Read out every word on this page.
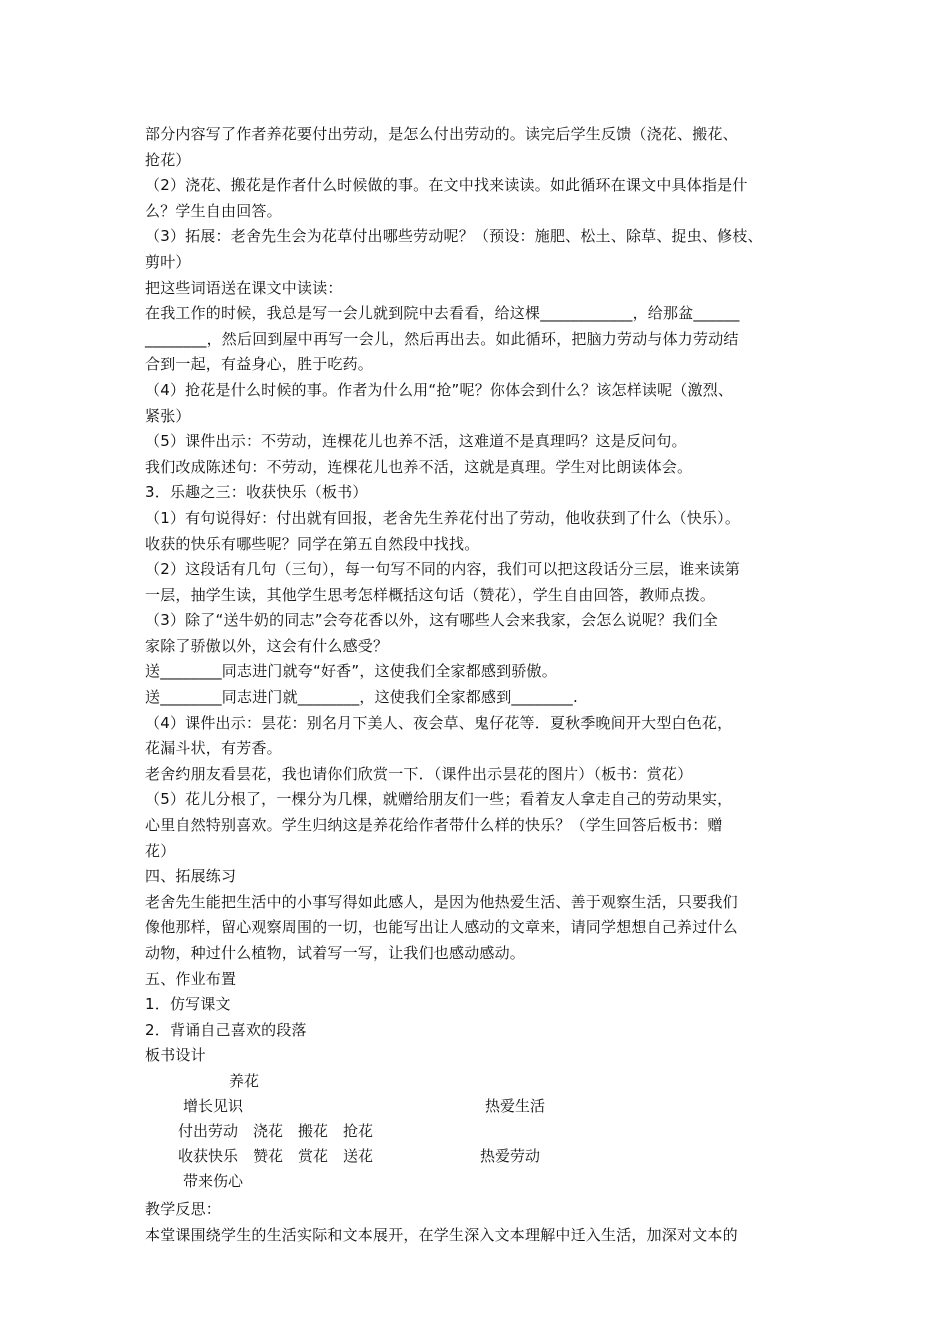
部分内容写了作者养花要付出劳动，是怎么付出劳动的。读完后学生反馈（浇花、搬花、
抢花）
（2）浇花、搬花是作者什么时候做的事。在文中找来读读。如此循环在课文中具体指是什
么？学生自由回答。
（3）拓展：老舍先生会为花草付出哪些劳动呢？（预设：施肥、松土、除草、捉虫、修枝、
剪叶）
把这些词语送在课文中读读：
在我工作的时候，我总是写一会儿就到院中去看看，给这棵____________，给那盆______
________，然后回到屋中再写一会儿，然后再出去。如此循环，把脑力劳动与体力劳动结
合到一起，有益身心，胜于吃药。
（4）抢花是什么时候的事。作者为什么用“抢”呢？你体会到什么？该怎样读呢（激烈、
紧张）
（5）课件出示：不劳动，连棵花儿也养不活，这难道不是真理吗？这是反问句。
我们改成陈述句：不劳动，连棵花儿也养不活，这就是真理。学生对比朗读体会。
3．乐趣之三：收获快乐（板书）
（1）有句说得好：付出就有回报，老舍先生养花付出了劳动，他收获到了什么（快乐）。
收获的快乐有哪些呢？同学在第五自然段中找找。
（2）这段话有几句（三句），每一句写不同的内容，我们可以把这段话分三层，谁来读第
一层，抽学生读，其他学生思考怎样概括这句话（赞花），学生自由回答，教师点拨。
（3）除了“送牛奶的同志”会夸花香以外，这有哪些人会来我家，会怎么说呢？我们全
家除了骄傲以外，这会有什么感受？
送________同志进门就夸“好香”，这使我们全家都感到骄傲。
送________同志进门就________，这使我们全家都感到________.
（4）课件出示：昙花：别名月下美人、夜会草、鬼仔花等．夏秋季晚间开大型白色花，
花漏斗状，有芳香。
老舍约朋友看昙花，我也请你们欣赏一下．（课件出示昙花的图片）（板书：赏花）
（5）花儿分根了，一棵分为几棵，就赠给朋友们一些；看着友人拿走自己的劳动果实，
心里自然特别喜欢。学生归纳这是养花给作者带什么样的快乐？（学生回答后板书：赠
花）
四、拓展练习
老舍先生能把生活中的小事写得如此感人，是因为他热爱生活、善于观察生活，只要我们
像他那样，留心观察周围的一切，也能写出让人感动的文章来，请同学想想自己养过什么
动物，种过什么植物，试着写一写，让我们也感动感动。
五、作业布置
1．仿写课文
2．背诵自己喜欢的段落
板书设计
养花
增长见识	热爱生活
付出劳动　浇花　搬花　抢花
收获快乐　赞花　赏花　送花	热爱劳动
带来伤心
教学反思：
本堂课围绕学生的生活实际和文本展开，在学生深入文本理解中迁入生活，加深对文本的
